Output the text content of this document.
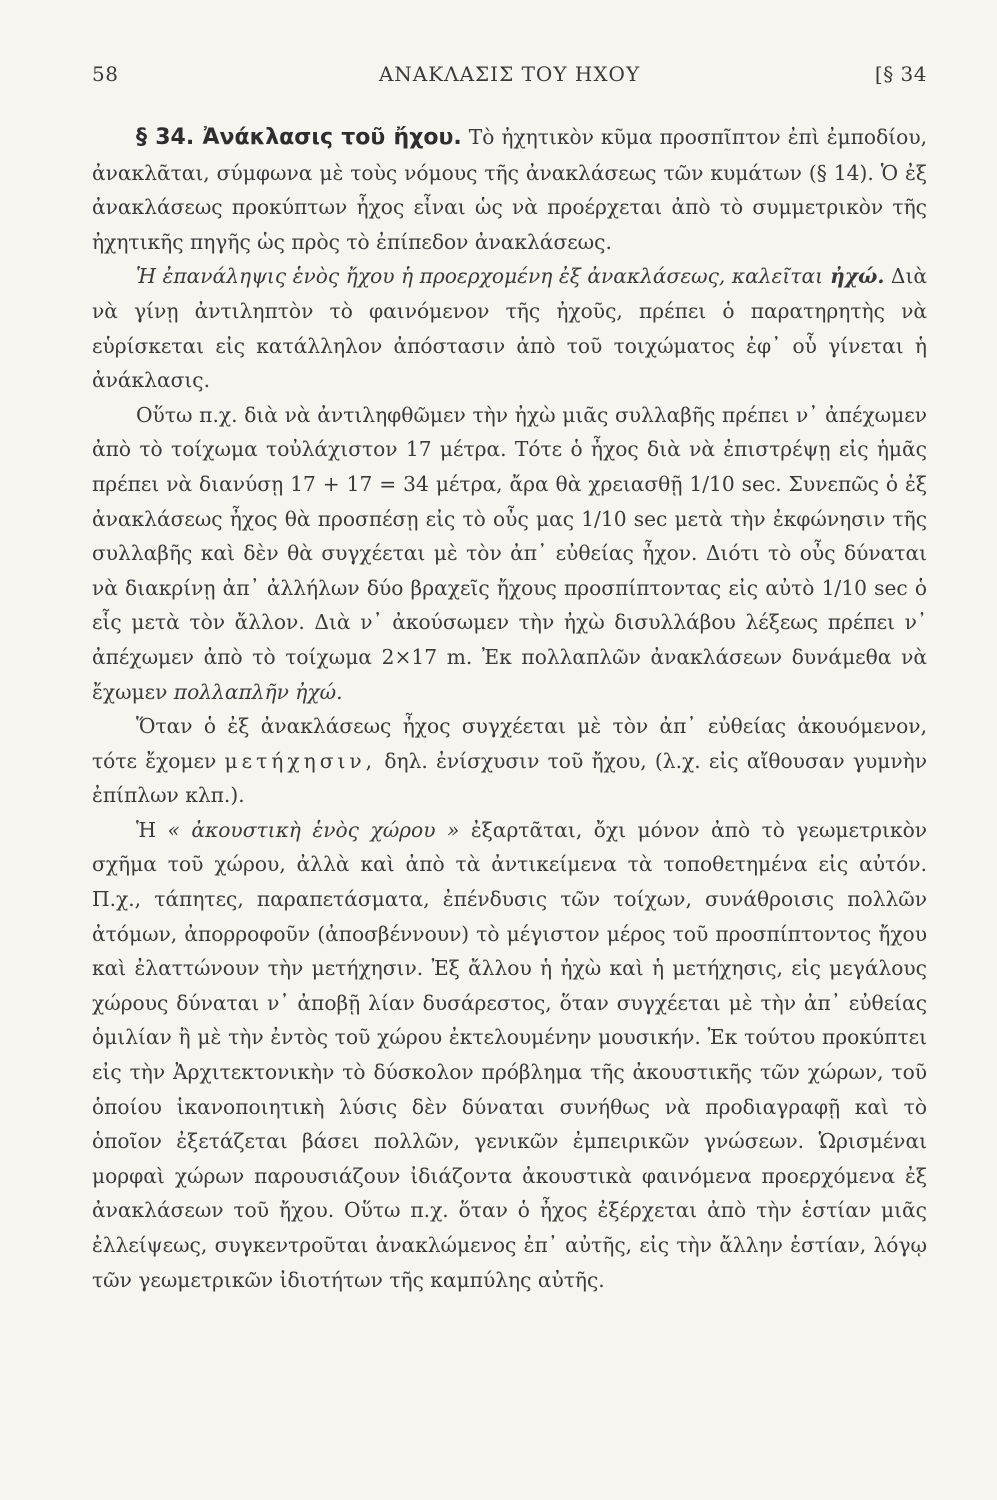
58	ΑΝΑΚΛΑΣΙΣ ΤΟΥ ΗΧΟΥ	[§ 34

§ 34. Ἀνάκλασις τοῦ ἤχου. Τὸ ἠχητικὸν κῦμα προσπῖπτον ἐπὶ ἐμποδίου, ἀνακλᾶται, σύμφωνα μὲ τοὺς νόμους τῆς ἀνακλάσεως τῶν κυμάτων (§ 14). Ὁ ἐξ ἀνακλάσεως προκύπτων ἦχος εἶναι ὡς νὰ προέρχεται ἀπὸ τὸ συμμετρικὸν τῆς ἠχητικῆς πηγῆς ὡς πρὸς τὸ ἐπίπεδον ἀνακλάσεως.

Ἡ ἐπανάληψις ἑνὸς ἤχου ἡ προερχομένη ἐξ ἀνακλάσεως, καλεῖται ἠχώ. Διὰ νὰ γίνῃ ἀντιληπτὸν τὸ φαινόμενον τῆς ἠχοῦς, πρέπει ὁ παρατηρητὴς νὰ εὑρίσκεται εἰς κατάλληλον ἀπόστασιν ἀπὸ τοῦ τοιχώματος ἐφ᾽ οὗ γίνεται ἡ ἀνάκλασις.

Οὕτω π.χ. διὰ νὰ ἀντιληφθῶμεν τὴν ἠχὼ μιᾶς συλλαβῆς πρέπει ν᾽ ἀπέχωμεν ἀπὸ τὸ τοίχωμα τοὐλάχιστον 17 μέτρα. Τότε ὁ ἦχος διὰ νὰ ἐπιστρέψῃ εἰς ἡμᾶς πρέπει νὰ διανύσῃ 17 + 17 = 34 μέτρα, ἄρα θὰ χρειασθῇ 1/10 sec. Συνεπῶς ὁ ἐξ ἀνακλάσεως ἦχος θὰ προσπέσῃ εἰς τὸ οὖς μας 1/10 sec μετὰ τὴν ἐκφώνησιν τῆς συλλαβῆς καὶ δὲν θὰ συγχέεται μὲ τὸν ἀπ᾽ εὐθείας ἦχον. Διότι τὸ οὖς δύναται νὰ διακρίνῃ ἀπ᾽ ἀλλήλων δύο βραχεῖς ἤχους προσπίπτοντας εἰς αὐτὸ 1/10 sec ὁ εἷς μετὰ τὸν ἄλλον. Διὰ ν᾽ ἀκούσωμεν τὴν ἠχὼ δισυλλάβου λέξεως πρέπει ν᾽ ἀπέχωμεν ἀπὸ τὸ τοίχωμα 2×17 m. Ἐκ πολλαπλῶν ἀνακλάσεων δυνάμεθα νὰ ἔχωμεν πολλαπλῆν ἠχώ.

Ὅταν ὁ ἐξ ἀνακλάσεως ἦχος συγχέεται μὲ τὸν ἀπ᾽ εὐθείας ἀκουόμενον, τότε ἔχομεν μετήχησιν, δηλ. ἐνίσχυσιν τοῦ ἤχου, (λ.χ. εἰς αἴθουσαν γυμνὴν ἐπίπλων κλπ.).

Ἡ « ἀκουστικὴ ἑνὸς χώρου » ἐξαρτᾶται, ὄχι μόνον ἀπὸ τὸ γεωμετρικὸν σχῆμα τοῦ χώρου, ἀλλὰ καὶ ἀπὸ τὰ ἀντικείμενα τὰ τοποθετημένα εἰς αὐτόν. Π.χ., τάπητες, παραπετάσματα, ἐπένδυσις τῶν τοίχων, συνάθροισις πολλῶν ἀτόμων, ἀπορροφοῦν (ἀποσβέννουν) τὸ μέγιστον μέρος τοῦ προσπίπτοντος ἤχου καὶ ἐλαττώνουν τὴν μετήχησιν. Ἐξ ἄλλου ἡ ἠχὼ καὶ ἡ μετήχησις, εἰς μεγάλους χώρους δύναται ν᾽ ἀποβῇ λίαν δυσάρεστος, ὅταν συγχέεται μὲ τὴν ἀπ᾽ εὐθείας ὁμιλίαν ἢ μὲ τὴν ἐντὸς τοῦ χώρου ἐκτελουμένην μουσικήν. Ἐκ τούτου προκύπτει εἰς τὴν Ἀρχιτεκτονικὴν τὸ δύσκολον πρόβλημα τῆς ἀκουστικῆς τῶν χώρων, τοῦ ὁποίου ἱκανοποιητικὴ λύσις δὲν δύναται συνήθως νὰ προδιαγραφῇ καὶ τὸ ὁποῖον ἐξετάζεται βάσει πολλῶν, γενικῶν ἐμπειρικῶν γνώσεων. Ὡρισμέναι μορφαὶ χώρων παρουσιάζουν ἰδιάζοντα ἀκουστικὰ φαινόμενα προερχόμενα ἐξ ἀνακλάσεων τοῦ ἤχου. Οὕτω π.χ. ὅταν ὁ ἦχος ἐξέρχεται ἀπὸ τὴν ἑστίαν μιᾶς ἐλλείψεως, συγκεντροῦται ἀνακλώμενος ἐπ᾽ αὐτῆς, εἰς τὴν ἄλλην ἑστίαν, λόγῳ τῶν γεωμετρικῶν ἰδιοτήτων τῆς καμπύλης αὐτῆς.
